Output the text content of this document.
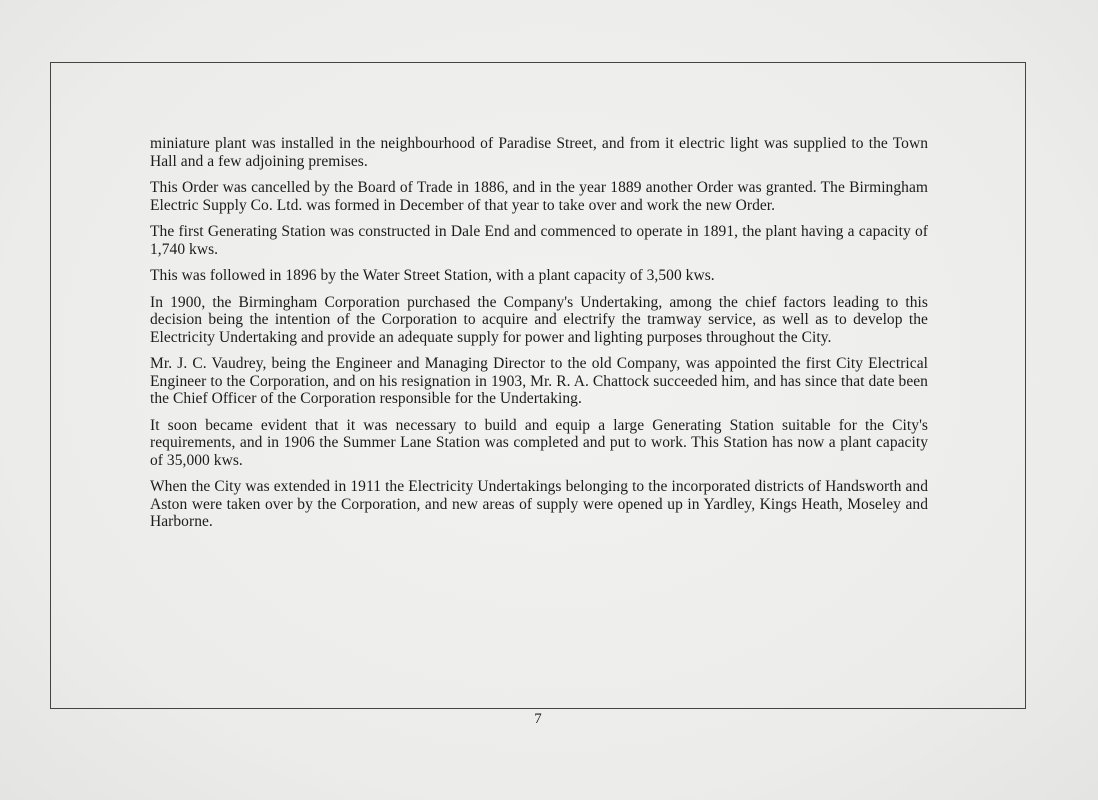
miniature plant was installed in the neighbourhood of Paradise Street, and from it electric light was supplied to the Town Hall and a few adjoining premises.

This Order was cancelled by the Board of Trade in 1886, and in the year 1889 another Order was granted. The Birmingham Electric Supply Co. Ltd. was formed in December of that year to take over and work the new Order.

The first Generating Station was constructed in Dale End and commenced to operate in 1891, the plant having a capacity of 1,740 kws.

This was followed in 1896 by the Water Street Station, with a plant capacity of 3,500 kws.

In 1900, the Birmingham Corporation purchased the Company's Undertaking, among the chief factors leading to this decision being the intention of the Corporation to acquire and electrify the tramway service, as well as to develop the Electricity Undertaking and provide an adequate supply for power and lighting purposes throughout the City.

Mr. J. C. Vaudrey, being the Engineer and Managing Director to the old Company, was appointed the first City Electrical Engineer to the Corporation, and on his resignation in 1903, Mr. R. A. Chattock succeeded him, and has since that date been the Chief Officer of the Corporation responsible for the Undertaking.

It soon became evident that it was necessary to build and equip a large Generating Station suitable for the City's requirements, and in 1906 the Summer Lane Station was completed and put to work. This Station has now a plant capacity of 35,000 kws.

When the City was extended in 1911 the Electricity Undertakings belonging to the incorporated districts of Handsworth and Aston were taken over by the Corporation, and new areas of supply were opened up in Yardley, Kings Heath, Moseley and Harborne.

7
